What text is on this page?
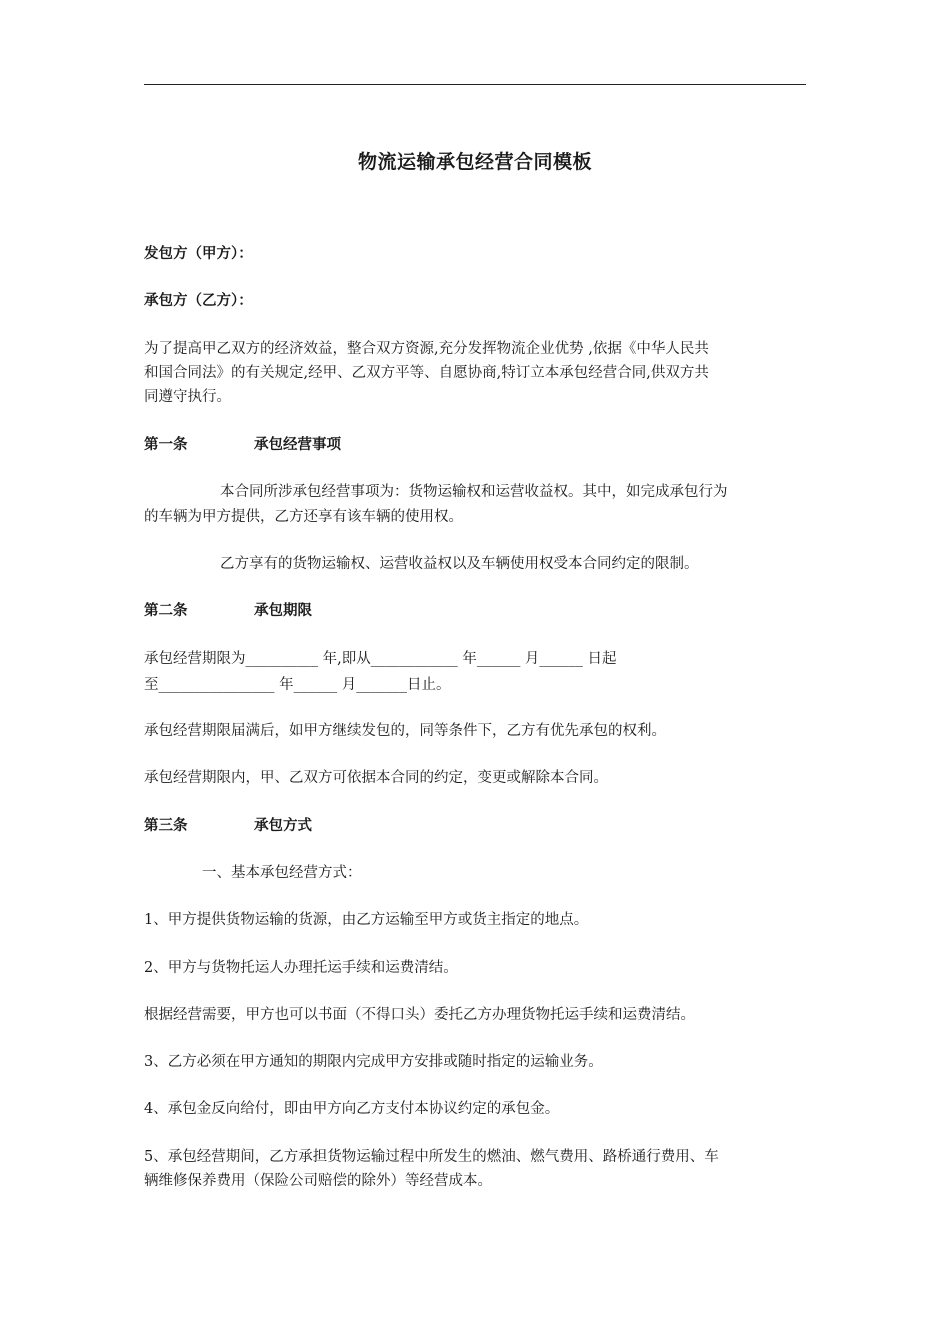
物流运输承包经营合同模板
发包方（甲方）：
承包方（乙方）：
为了提高甲乙双方的经济效益，整合双方资源,充分发挥物流企业优势 ,依据《中华人民共
和国合同法》的有关规定,经甲、乙双方平等、自愿协商,特订立本承包经营合同,供双方共
同遵守执行。
第一条	承包经营事项
本合同所涉承包经营事项为：货物运输权和运营收益权。其中，如完成承包行为
的车辆为甲方提供，乙方还享有该车辆的使用权。
乙方享有的货物运输权、运营收益权以及车辆使用权受本合同约定的限制。
第二条	承包期限
承包经营期限为__________ 年,即从____________ 年______ 月______ 日起
至________________ 年______ 月_______日止。
承包经营期限届满后，如甲方继续发包的，同等条件下，乙方有优先承包的权利。
承包经营期限内，甲、乙双方可依据本合同的约定，变更或解除本合同。
第三条	承包方式
一、基本承包经营方式：
1、甲方提供货物运输的货源，由乙方运输至甲方或货主指定的地点。
2、甲方与货物托运人办理托运手续和运费清结。
根据经营需要，甲方也可以书面（不得口头）委托乙方办理货物托运手续和运费清结。
3、乙方必须在甲方通知的期限内完成甲方安排或随时指定的运输业务。
4、承包金反向给付，即由甲方向乙方支付本协议约定的承包金。
5、承包经营期间，乙方承担货物运输过程中所发生的燃油、燃气费用、路桥通行费用、车
辆维修保养费用（保险公司赔偿的除外）等经营成本。
